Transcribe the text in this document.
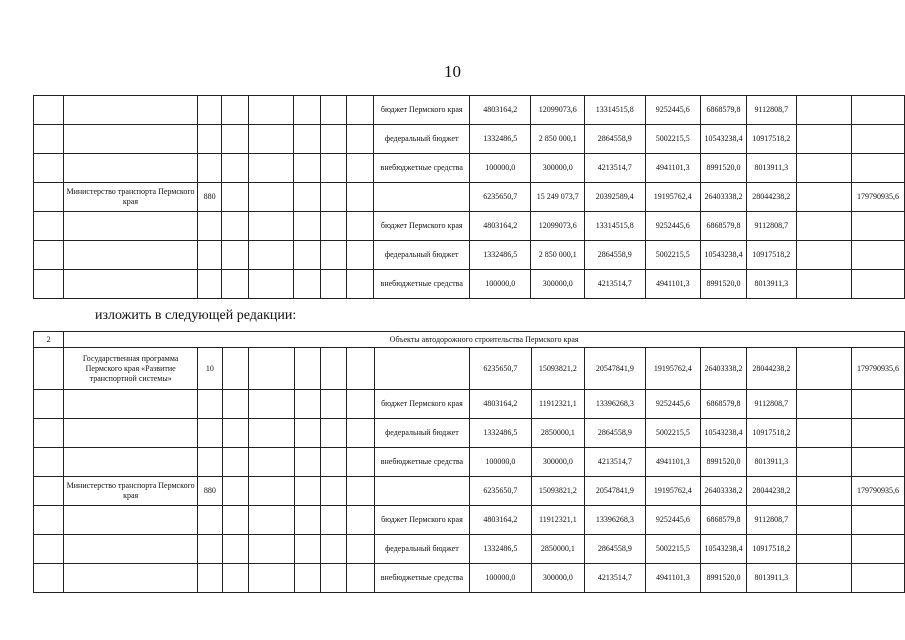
10
								бюджет Пермского края	4803164,2	12099073,6	13314515,8	9252445,6	6868579,8	9112808,7		
								федеральный бюджет	1332486,5	2 850 000,1	2864558,9	5002215,5	10543238,4	10917518,2		
								внебюджетные средства	100000,0	300000,0	4213514,7	4941101,3	8991520,0	8013911,3		
	Министерство транспорта Пермского края	880							6235650,7	15 249 073,7	20392589,4	19195762,4	26403338,2	28044238,2		179790935,6
								бюджет Пермского края	4803164,2	12099073,6	13314515,8	9252445,6	6868579,8	9112808,7		
								федеральный бюджет	1332486,5	2 850 000,1	2864558,9	5002215,5	10543238,4	10917518,2		
								внебюджетные средства	100000,0	300000,0	4213514,7	4941101,3	8991520,0	8013911,3		
изложить в следующей редакции:
2	Объекты автодорожного строительства Пермского края															
	Государственная программа Пермского края «Развитие транспортной системы»	10							6235650,7	15093821,2	20547841,9	19195762,4	26403338,2	28044238,2		179790935,6
								бюджет Пермского края	4803164,2	11912321,1	13396268,3	9252445,6	6868579,8	9112808,7		
								федеральный бюджет	1332486,5	2850000,1	2864558,9	5002215,5	10543238,4	10917518,2		
								внебюджетные средства	100000,0	300000,0	4213514,7	4941101,3	8991520,0	8013911,3		
	Министерство транспорта Пермского края	880							6235650,7	15093821,2	20547841,9	19195762,4	26403338,2	28044238,2		179790935,6
								бюджет Пермского края	4803164,2	11912321,1	13396268,3	9252445,6	6868579,8	9112808,7		
								федеральный бюджет	1332486,5	2850000,1	2864558,9	5002215,5	10543238,4	10917518,2		
								внебюджетные средства	100000,0	300000,0	4213514,7	4941101,3	8991520,0	8013911,3		
